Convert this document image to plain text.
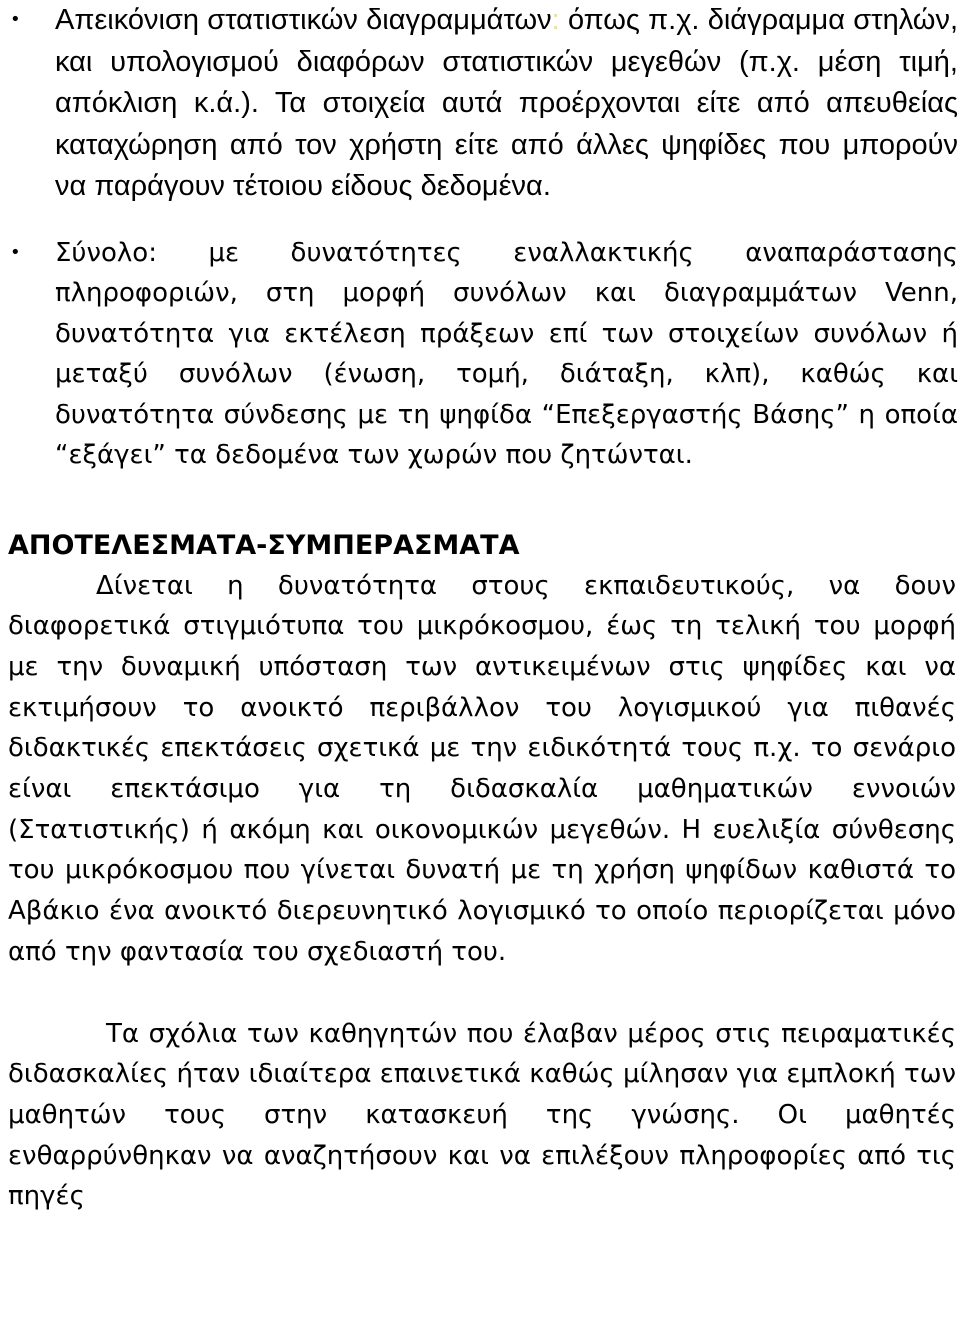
• Απεικόνιση στατιστικών διαγραμμάτων: όπως π.χ. διάγραμμα στηλών, και υπολογισμού διαφόρων στατιστικών μεγεθών (π.χ. μέση τιμή, απόκλιση κ.ά.). Τα στοιχεία αυτά προέρχονται είτε από απευθείας καταχώρηση από τον χρήστη είτε από άλλες ψηφίδες που μπορούν να παράγουν τέτοιου είδους δεδομένα.
• Σύνολο: με δυνατότητες εναλλακτικής αναπαράστασης πληροφοριών, στη μορφή συνόλων και διαγραμμάτων Venn, δυνατότητα για εκτέλεση πράξεων επί των στοιχείων συνόλων ή μεταξύ συνόλων (ένωση, τομή, διάταξη, κλπ), καθώς και δυνατότητα σύνδεσης με τη ψηφίδα “Επεξεργαστής Βάσης” η οποία “εξάγει” τα δεδομένα των χωρών που ζητώνται.
ΑΠΟΤΕΛΕΣΜΑΤΑ-ΣΥΜΠΕΡΑΣΜΑΤΑ

Δίνεται η δυνατότητα στους εκπαιδευτικούς, να δουν διαφορετικά στιγμιότυπα του μικρόκοσμου, έως τη τελική του μορφή με την δυναμική υπόσταση των αντικειμένων στις ψηφίδες και να εκτιμήσουν το ανοικτό περιβάλλον του λογισμικού για πιθανές διδακτικές επεκτάσεις σχετικά με την ειδικότητά τους π.χ. το σενάριο είναι επεκτάσιμο για τη διδασκαλία μαθηματικών εννοιών (Στατιστικής) ή ακόμη και οικονομικών μεγεθών. Η ευελιξία σύνθεσης του μικρόκοσμου που γίνεται δυνατή με τη χρήση ψηφίδων καθιστά το Αβάκιο ένα ανοικτό διερευνητικό λογισμικό το οποίο περιορίζεται μόνο από την φαντασία του σχεδιαστή του.

Τα σχόλια των καθηγητών που έλαβαν μέρος στις πειραματικές διδασκαλίες ήταν ιδιαίτερα επαινετικά καθώς μίλησαν για εμπλοκή των μαθητών τους στην κατασκευή της γνώσης. Οι μαθητές ενθαρρύνθηκαν να αναζητήσουν και να επιλέξουν πληροφορίες από τις πηγές
